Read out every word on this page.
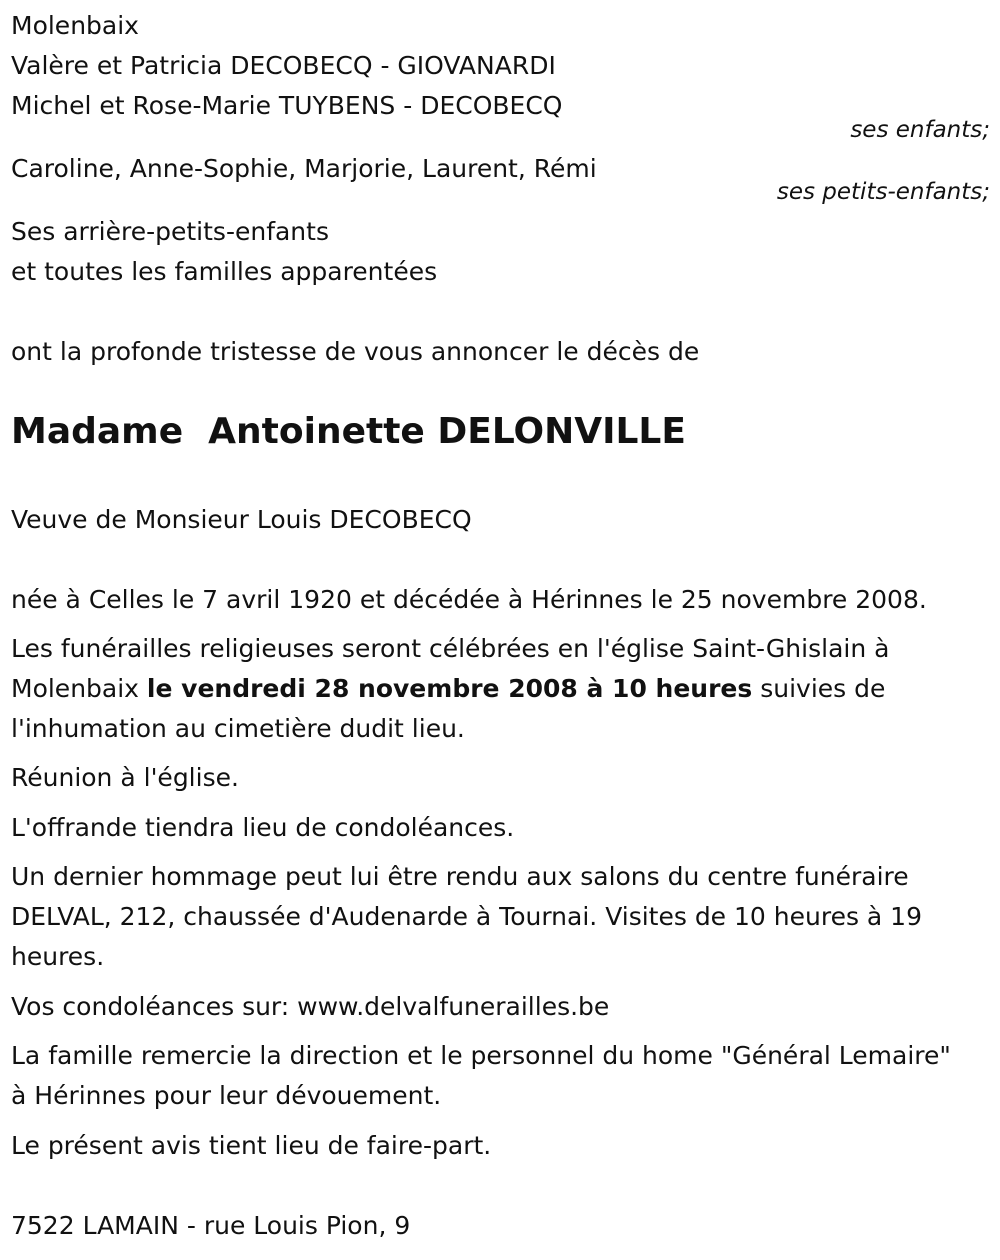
Molenbaix
Valère et Patricia DECOBECQ - GIOVANARDI
Michel et Rose-Marie TUYBENS - DECOBECQ
ses enfants;
Caroline, Anne-Sophie, Marjorie, Laurent, Rémi
ses petits-enfants;
Ses arrière-petits-enfants
et toutes les familles apparentées
ont la profonde tristesse de vous annoncer le décès de
Madame  Antoinette DELONVILLE
Veuve de Monsieur Louis DECOBECQ
née à Celles le 7 avril 1920 et décédée à Hérinnes le 25 novembre 2008.
Les funérailles religieuses seront célébrées en l'église Saint-Ghislain à Molenbaix le vendredi 28 novembre 2008 à 10 heures suivies de l'inhumation au cimetière dudit lieu.
Réunion à l'église.
L'offrande tiendra lieu de condoléances.
Un dernier hommage peut lui être rendu aux salons du centre funéraire DELVAL, 212, chaussée d'Audenarde à Tournai. Visites de 10 heures à 19 heures.
Vos condoléances sur: www.delvalfunerailles.be
La famille remercie la direction et le personnel du home "Général Lemaire" à Hérinnes pour leur dévouement.
Le présent avis tient lieu de faire-part.
7522 LAMAIN - rue Louis Pion, 9
